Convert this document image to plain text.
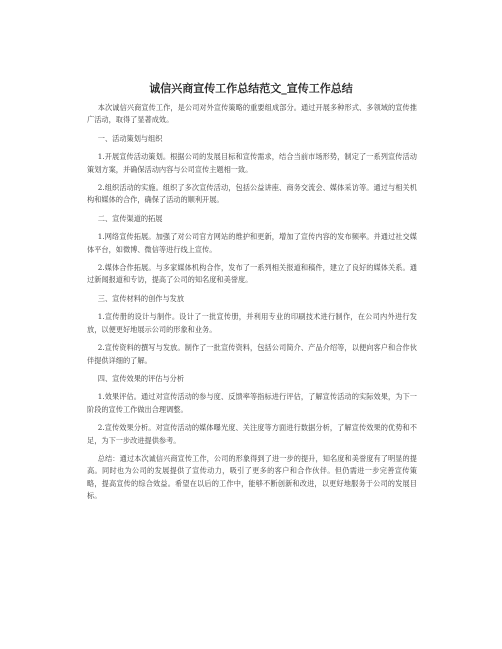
诚信兴商宣传工作总结范文_宣传工作总结

本次诚信兴商宣传工作，是公司对外宣传策略的重要组成部分。通过开展多种形式、多领域的宣传推广活动，取得了显著成效。

一、活动策划与组织

1.开展宣传活动策划。根据公司的发展目标和宣传需求，结合当前市场形势，制定了一系列宣传活动策划方案，并确保活动内容与公司宣传主题相一致。

2.组织活动的实施。组织了多次宣传活动，包括公益讲座、商务交流会、媒体采访等。通过与相关机构和媒体的合作，确保了活动的顺利开展。

二、宣传渠道的拓展

1.网络宣传拓展。加强了对公司官方网站的维护和更新，增加了宣传内容的发布频率。并通过社交媒体平台，如微博、微信等进行线上宣传。

2.媒体合作拓展。与多家媒体机构合作，发布了一系列相关报道和稿件，建立了良好的媒体关系。通过新闻报道和专访，提高了公司的知名度和美誉度。

三、宣传材料的创作与发放

1.宣传册的设计与制作。设计了一批宣传册，并利用专业的印刷技术进行制作，在公司内外进行发放，以便更好地展示公司的形象和业务。

2.宣传资料的撰写与发放。制作了一批宣传资料，包括公司简介、产品介绍等，以便向客户和合作伙伴提供详细的了解。

四、宣传效果的评估与分析

1.效果评估。通过对宣传活动的参与度、反馈率等指标进行评估，了解宣传活动的实际效果，为下一阶段的宣传工作做出合理调整。

2.宣传效果分析。对宣传活动的媒体曝光度、关注度等方面进行数据分析，了解宣传效果的优势和不足，为下一步改进提供参考。

总结：通过本次诚信兴商宣传工作，公司的形象得到了进一步的提升，知名度和美誉度有了明显的提高。同时也为公司的发展提供了宣传动力，吸引了更多的客户和合作伙伴。但仍需进一步完善宣传策略，提高宣传的综合效益。希望在以后的工作中，能够不断创新和改进，以更好地服务于公司的发展目标。
